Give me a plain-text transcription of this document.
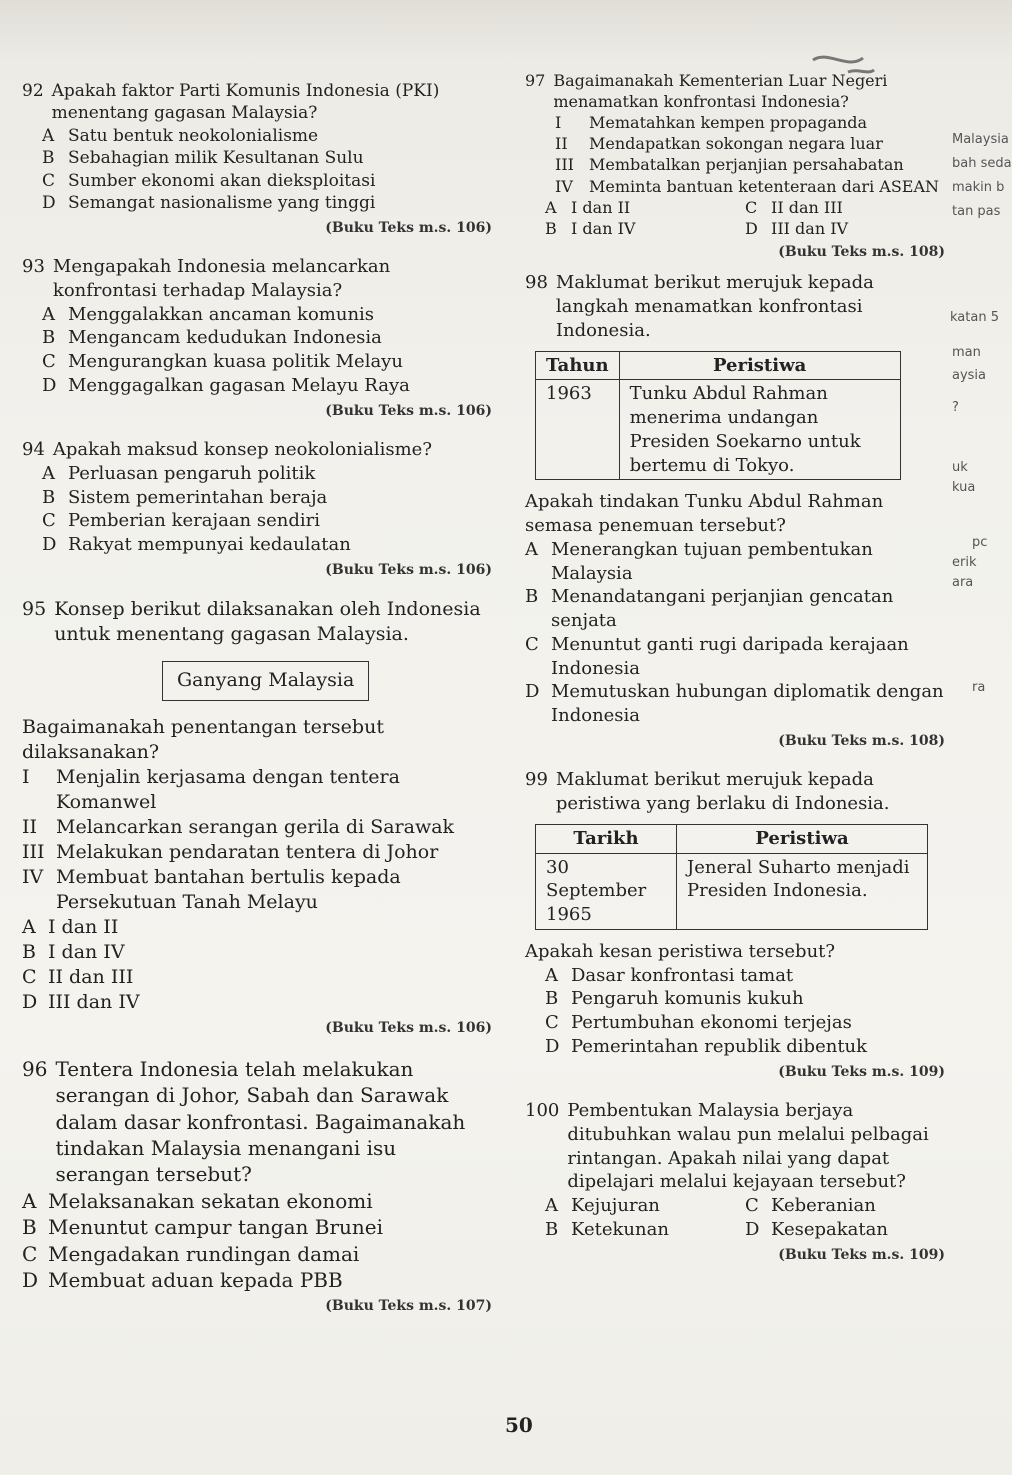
92 Apakah faktor Parti Komunis Indonesia (PKI) menentang gagasan Malaysia?
A Satu bentuk neokolonialisme
B Sebahagian milik Kesultanan Sulu
C Sumber ekonomi akan dieksploitasi
D Semangat nasionalisme yang tinggi
(Buku Teks m.s. 106)
93 Mengapakah Indonesia melancarkan konfrontasi terhadap Malaysia?
A Menggalakkan ancaman komunis
B Mengancam kedudukan Indonesia
C Mengurangkan kuasa politik Melayu
D Menggagalkan gagasan Melayu Raya
(Buku Teks m.s. 106)
94 Apakah maksud konsep neokolonialisme?
A Perluasan pengaruh politik
B Sistem pemerintahan beraja
C Pemberian kerajaan sendiri
D Rakyat mempunyai kedaulatan
(Buku Teks m.s. 106)
95 Konsep berikut dilaksanakan oleh Indonesia untuk menentang gagasan Malaysia.
Ganyang Malaysia
Bagaimanakah penentangan tersebut dilaksanakan?
I	Menjalin kerjasama dengan tentera Komanwel
II Melancarkan serangan gerila di Sarawak
III Melakukan pendaratan tentera di Johor
IV Membuat bantahan bertulis kepada Persekutuan Tanah Melayu
A I dan II
B I dan IV
C II dan III
D III dan IV
(Buku Teks m.s. 106)
96 Tentera Indonesia telah melakukan serangan di Johor, Sabah dan Sarawak dalam dasar konfrontasi. Bagaimanakah tindakan Malaysia menangani isu serangan tersebut?
A Melaksanakan sekatan ekonomi
B Menuntut campur tangan Brunei
C Mengadakan rundingan damai
D Membuat aduan kepada PBB
(Buku Teks m.s. 107)
97 Bagaimanakah Kementerian Luar Negeri menamatkan konfrontasi Indonesia?
I	Mematahkan kempen propaganda
II	Mendapatkan sokongan negara luar
III Membatalkan perjanjian persahabatan
IV	Meminta bantuan ketenteraan dari ASEAN
A I dan II	C II dan III
B I dan IV	D III dan IV
(Buku Teks m.s. 108)
98 Maklumat berikut merujuk kepada langkah menamatkan konfrontasi Indonesia.
Tahun	Peristiwa
1963	Tunku Abdul Rahman menerima undangan Presiden Soekarno untuk bertemu di Tokyo.
Apakah tindakan Tunku Abdul Rahman semasa penemuan tersebut?
A Menerangkan tujuan pembentukan Malaysia
B Menandatangani perjanjian gencatan senjata
C Menuntut ganti rugi daripada kerajaan Indonesia
D Memutuskan hubungan diplomatik dengan Indonesia
(Buku Teks m.s. 108)
99 Maklumat berikut merujuk kepada peristiwa yang berlaku di Indonesia.
Tarikh	Peristiwa
30 September 1965	Jeneral Suharto menjadi Presiden Indonesia.
Apakah kesan peristiwa tersebut?
A Dasar konfrontasi tamat
B Pengaruh komunis kukuh
C Pertumbuhan ekonomi terjejas
D Pemerintahan republik dibentuk
(Buku Teks m.s. 109)
100 Pembentukan Malaysia berjaya ditubuhkan walau pun melalui pelbagai rintangan. Apakah nilai yang dapat dipelajari melalui kejayaan tersebut?
A Kejujuran	C Keberanian
B Ketekunan	D Kesepakatan
(Buku Teks m.s. 109)
Malaysia
bah seda
makin b
tan pas
katan 5
man
aysia
?
uk
kua
pc
erik
ara
ra
50
